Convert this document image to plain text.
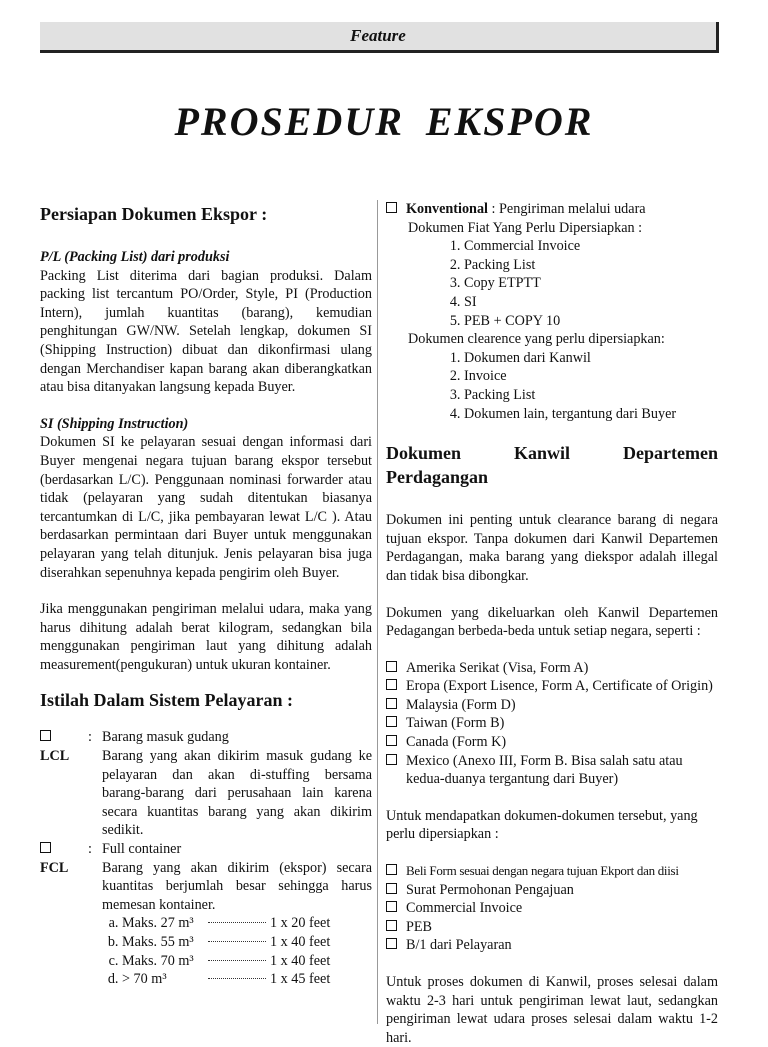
Feature
PROSEDUR EKSPOR
Persiapan Dokumen Ekspor :

P/L (Packing List) dari produksi

Packing List diterima dari bagian produksi. Dalam packing list tercantum PO/Order, Style, PI (Production Intern), jumlah kuantitas (barang), kemudian penghitungan GW/NW. Setelah lengkap, dokumen SI (Shipping Instruction) dibuat dan dikonfirmasi ulang dengan Merchandiser kapan barang akan diberangkatkan atau bisa ditanyakan langsung kepada Buyer.

SI (Shipping Instruction)

Dokumen SI ke pelayaran sesuai dengan informasi dari Buyer mengenai negara tujuan barang ekspor tersebut (berdasarkan L/C). Penggunaan nominasi forwarder atau tidak (pelayaran yang sudah ditentukan biasanya tercantumkan di L/C, jika pembayaran lewat L/C ). Atau berdasarkan permintaan dari Buyer untuk menggunakan pelayaran yang telah ditunjuk. Jenis pelayaran bisa juga diserahkan sepenuhnya kepada pengirim oleh Buyer.

Jika menggunakan pengiriman melalui udara, maka yang harus dihitung adalah berat kilogram, sedangkan bila menggunakan pengiriman laut yang dihitung adalah measurement(pengukuran) untuk ukuran kontainer.

Istilah Dalam Sistem Pelayaran :
LCL
: Barang masuk gudang

Barang yang akan dikirim masuk gudang ke pelayaran dan akan di-stuffing bersama barang-barang dari perusahaan lain karena secara kuantitas barang yang akan dikirim sedikit.

FCL
: Full container

Barang yang akan dikirim (ekspor) secara kuantitas berjumlah besar sehingga harus memesan kontainer.

a. Maks. 27 m³	1 x 20 feet
b. Maks. 55 m³	1 x 40 feet
c. Maks. 70 m³	1 x 40 feet
d. > 70 m³	1 x 45 feet

Konventional : Pengiriman melalui udara

Dokumen Fiat Yang Perlu Dipersiapkan :

1. Commercial Invoice
2. Packing List
3. Copy ETPTT
4. SI
5. PEB + COPY 10

Dokumen clearence yang perlu dipersiapkan:

1. Dokumen dari Kanwil
2. Invoice
3. Packing List
4. Dokumen lain, tergantung dari Buyer
Dokumen	Kanwil	Departemen
Perdagangan

Dokumen ini penting untuk clearance barang di negara tujuan ekspor. Tanpa dokumen dari Kanwil Departemen Perdagangan, maka barang yang diekspor adalah illegal dan tidak bisa dibongkar.

Dokumen yang dikeluarkan oleh Kanwil Departemen Pedagangan berbeda-beda untuk setiap negara, seperti :

Amerika Serikat (Visa, Form A)

Eropa (Export Lisence, Form A, Certificate of Origin)

Malaysia (Form D)

Taiwan (Form B)

Canada (Form K)

Mexico (Anexo III, Form B. Bisa salah satu atau kedua-duanya tergantung dari Buyer)

Untuk mendapatkan dokumen-dokumen tersebut, yang perlu dipersiapkan :

Beli Form sesuai dengan negara tujuan Ekport dan diisi

Surat Permohonan Pengajuan

Commercial Invoice

PEB

B/1 dari Pelayaran

Untuk proses dokumen di Kanwil, proses selesai dalam waktu 2-3 hari untuk pengiriman lewat laut, sedangkan pengiriman lewat udara proses selesai dalam waktu 1-2 hari.
